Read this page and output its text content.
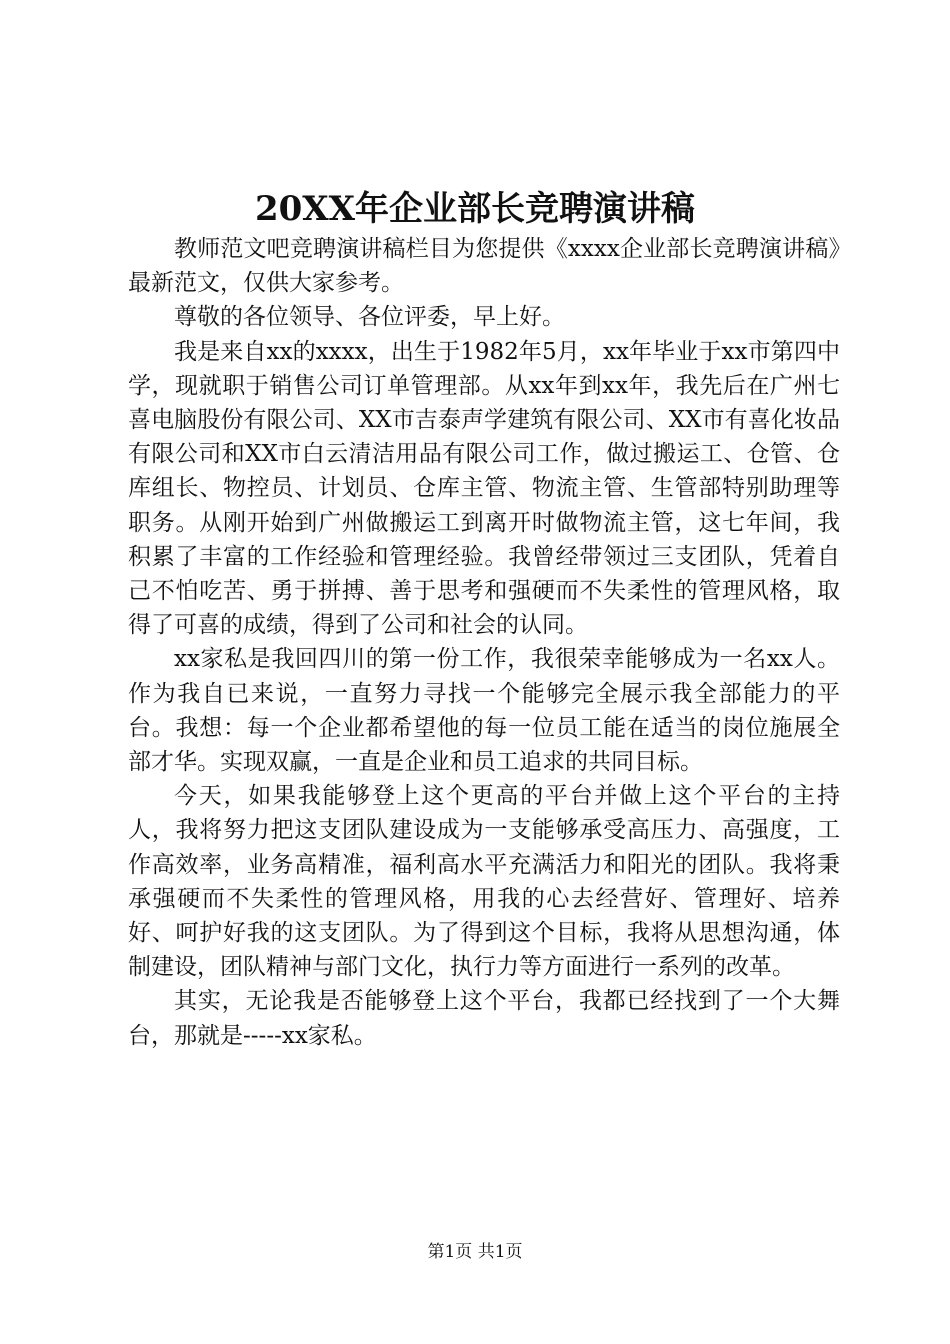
20XX年企业部长竞聘演讲稿

教师范文吧竞聘演讲稿栏目为您提供《xxxx企业部长竞聘演讲稿》最新范文，仅供大家参考。

尊敬的各位领导、各位评委，早上好。

我是来自xx的xxxx，出生于1982年5月，xx年毕业于xx市第四中学，现就职于销售公司订单管理部。从xx年到xx年，我先后在广州七喜电脑股份有限公司、XX市吉泰声学建筑有限公司、XX市有喜化妆品有限公司和XX市白云清洁用品有限公司工作，做过搬运工、仓管、仓库组长、物控员、计划员、仓库主管、物流主管、生管部特别助理等职务。从刚开始到广州做搬运工到离开时做物流主管，这七年间，我积累了丰富的工作经验和管理经验。我曾经带领过三支团队，凭着自己不怕吃苦、勇于拼搏、善于思考和强硬而不失柔性的管理风格，取得了可喜的成绩，得到了公司和社会的认同。

xx家私是我回四川的第一份工作，我很荣幸能够成为一名xx人。作为我自已来说，一直努力寻找一个能够完全展示我全部能力的平台。我想：每一个企业都希望他的每一位员工能在适当的岗位施展全部才华。实现双赢，一直是企业和员工追求的共同目标。

今天，如果我能够登上这个更高的平台并做上这个平台的主持人，我将努力把这支团队建设成为一支能够承受高压力、高强度，工作高效率，业务高精准，福利高水平充满活力和阳光的团队。我将秉承强硬而不失柔性的管理风格，用我的心去经营好、管理好、培养好、呵护好我的这支团队。为了得到这个目标，我将从思想沟通，体制建设，团队精神与部门文化，执行力等方面进行一系列的改革。

其实，无论我是否能够登上这个平台，我都已经找到了一个大舞台，那就是-----xx家私。

第1页 共1页
